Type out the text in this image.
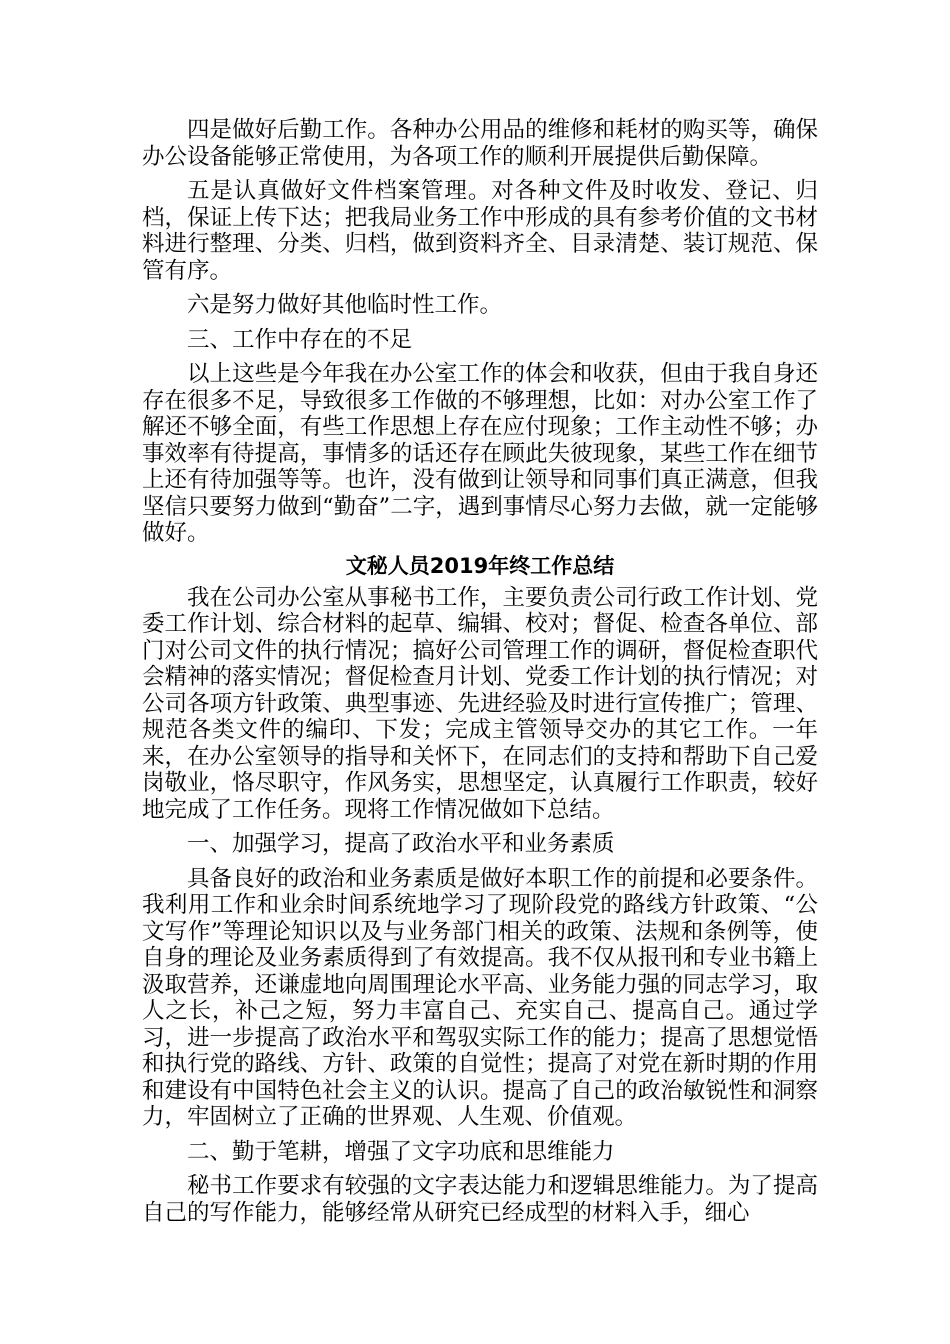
四是做好后勤工作。各种办公用品的维修和耗材的购买等，确保办公设备能够正常使用，为各项工作的顺利开展提供后勤保障。

五是认真做好文件档案管理。对各种文件及时收发、登记、归档，保证上传下达；把我局业务工作中形成的具有参考价值的文书材料进行整理、分类、归档，做到资料齐全、目录清楚、装订规范、保管有序。

六是努力做好其他临时性工作。

三、工作中存在的不足

以上这些是今年我在办公室工作的体会和收获，但由于我自身还存在很多不足，导致很多工作做的不够理想，比如：对办公室工作了解还不够全面，有些工作思想上存在应付现象；工作主动性不够；办事效率有待提高，事情多的话还存在顾此失彼现象，某些工作在细节上还有待加强等等。也许，没有做到让领导和同事们真正满意，但我坚信只要努力做到“勤奋”二字，遇到事情尽心努力去做，就一定能够做好。

文秘人员2019年终工作总结

我在公司办公室从事秘书工作，主要负责公司行政工作计划、党委工作计划、综合材料的起草、编辑、校对；督促、检查各单位、部门对公司文件的执行情况；搞好公司管理工作的调研，督促检查职代会精神的落实情况；督促检查月计划、党委工作计划的执行情况；对公司各项方针政策、典型事迹、先进经验及时进行宣传推广；管理、规范各类文件的编印、下发；完成主管领导交办的其它工作。一年来，在办公室领导的指导和关怀下，在同志们的支持和帮助下自己爱岗敬业，恪尽职守，作风务实，思想坚定，认真履行工作职责，较好地完成了工作任务。现将工作情况做如下总结。

一、加强学习，提高了政治水平和业务素质

具备良好的政治和业务素质是做好本职工作的前提和必要条件。我利用工作和业余时间系统地学习了现阶段党的路线方针政策、“公文写作”等理论知识以及与业务部门相关的政策、法规和条例等，使自身的理论及业务素质得到了有效提高。我不仅从报刊和专业书籍上汲取营养，还谦虚地向周围理论水平高、业务能力强的同志学习，取人之长，补己之短，努力丰富自己、充实自己、提高自己。通过学习，进一步提高了政治水平和驾驭实际工作的能力；提高了思想觉悟和执行党的路线、方针、政策的自觉性；提高了对党在新时期的作用和建设有中国特色社会主义的认识。提高了自己的政治敏锐性和洞察力，牢固树立了正确的世界观、人生观、价值观。

二、勤于笔耕，增强了文字功底和思维能力

秘书工作要求有较强的文字表达能力和逻辑思维能力。为了提高自己的写作能力，能够经常从研究已经成型的材料入手，细心
